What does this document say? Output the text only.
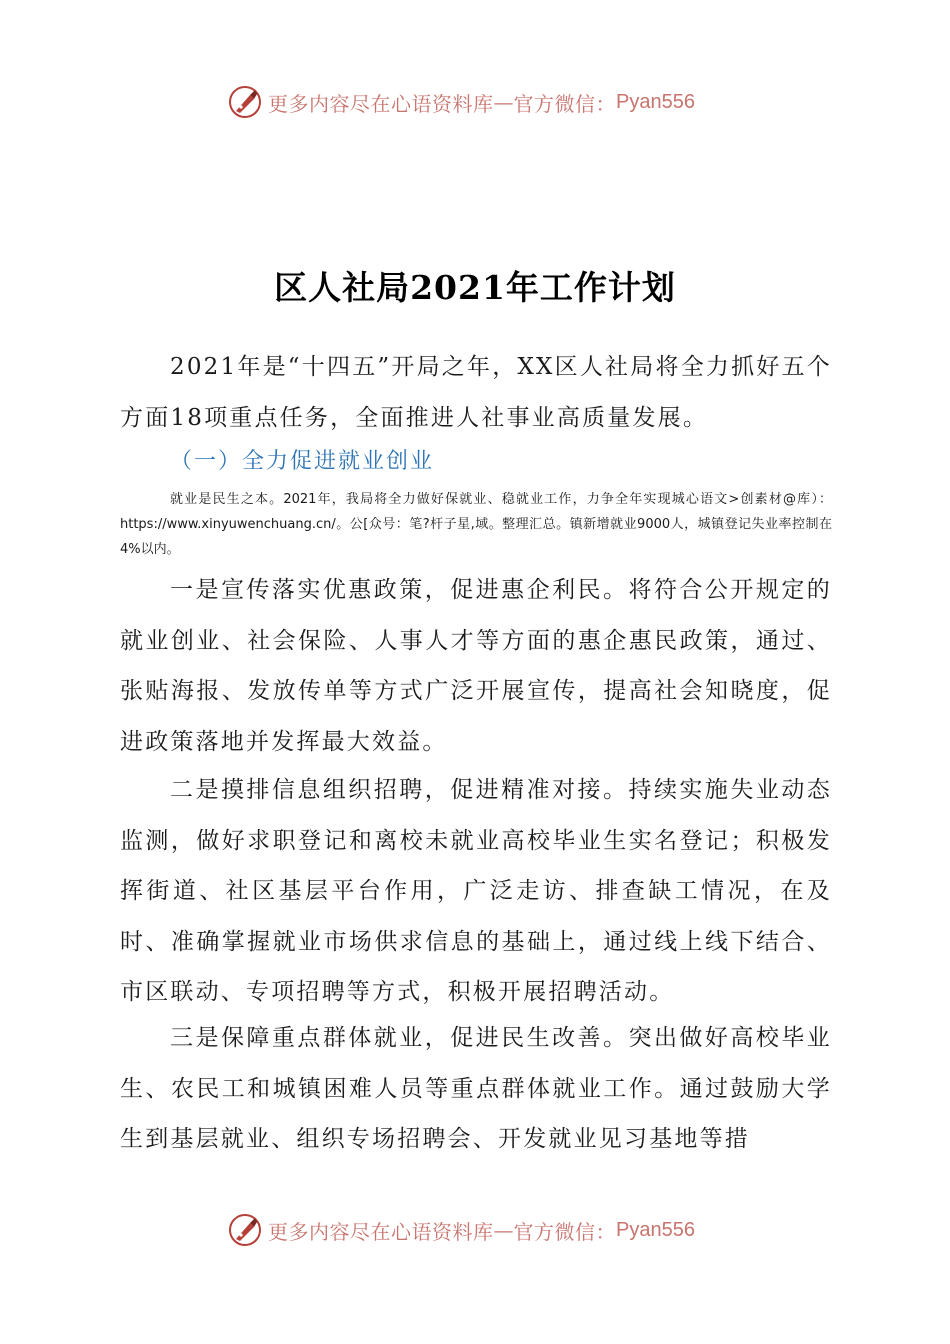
更多内容尽在心语资料库 — 官方微信： Pyan556
区人社局2021年工作计划

2021年是“十四五”开局之年，XX区人社局将全力抓好五个方面18项重点任务，全面推进人社事业高质量发展。

（一）全力促进就业创业

就业是民生之本。2021年，我局将全力做好保就业、稳就业工作，力争全年实现城心语文>创素材@库）：https://www.xinyuwenchuang.cn/。公[众号：笔?杆子星,域。整理汇总。镇新增就业9000人，城镇登记失业率控制在4%以内。

一是宣传落实优惠政策，促进惠企利民。将符合公开规定的就业创业、社会保险、人事人才等方面的惠企惠民政策，通过、张贴海报、发放传单等方式广泛开展宣传，提高社会知晓度，促进政策落地并发挥最大效益。

二是摸排信息组织招聘，促进精准对接。持续实施失业动态监测，做好求职登记和离校未就业高校毕业生实名登记；积极发挥街道、社区基层平台作用，广泛走访、排查缺工情况，在及时、准确掌握就业市场供求信息的基础上，通过线上线下结合、市区联动、专项招聘等方式，积极开展招聘活动。

三是保障重点群体就业，促进民生改善。突出做好高校毕业生、农民工和城镇困难人员等重点群体就业工作。通过鼓励大学生到基层就业、组织专场招聘会、开发就业见习基地等措

更多内容尽在心语资料库 — 官方微信： Pyan556
